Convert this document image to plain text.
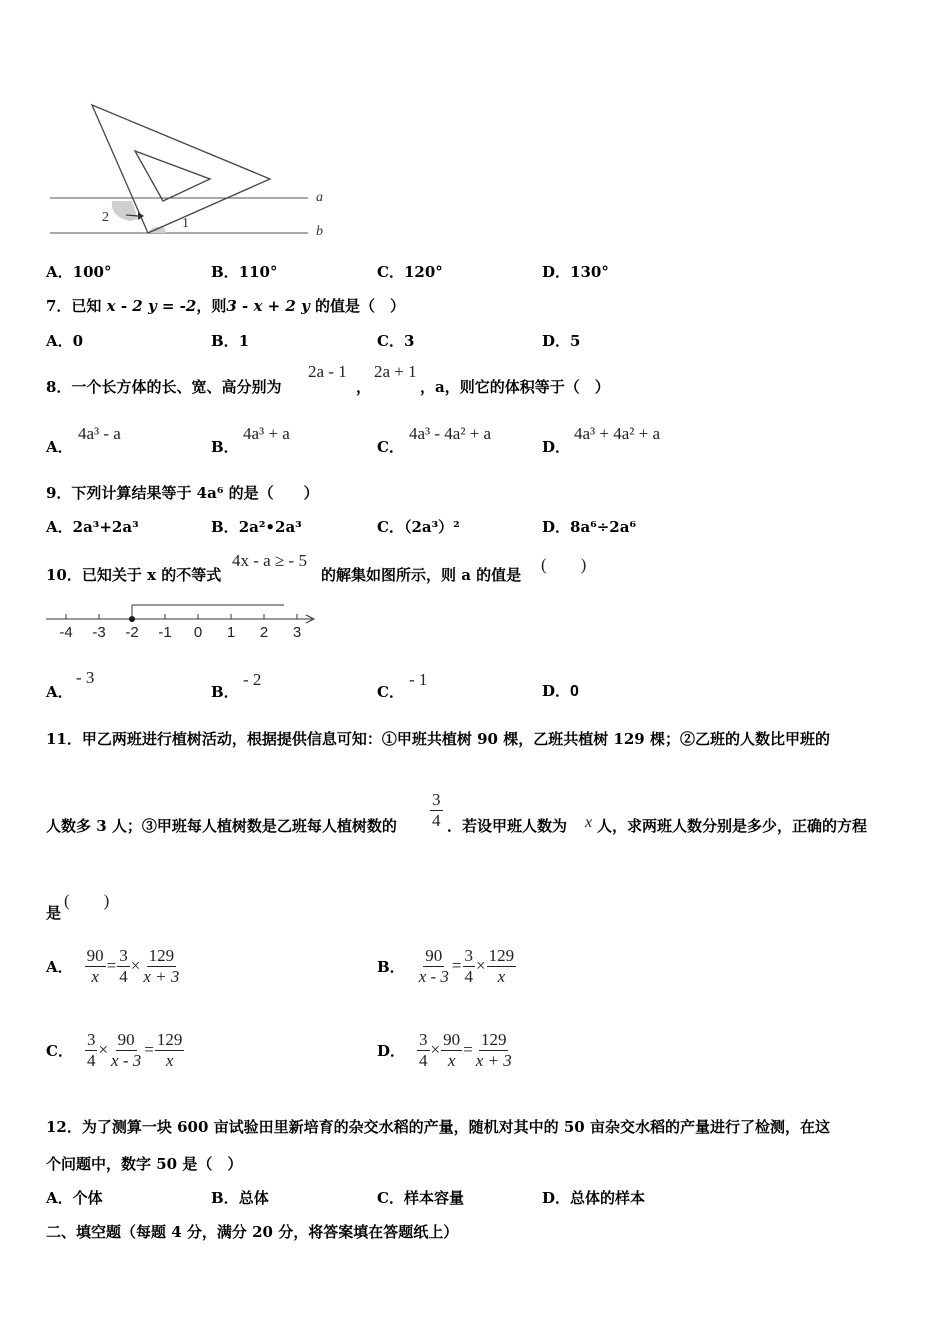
a
b
2	1
A．100°	B．110°	C．120°	D．130°
7．已知 x - 2 y = -2，则3 - x + 2 y 的值是（　）
A．0	B．1	C．3	D．5
8．一个长方体的长、宽、高分别为
2a - 1
，
2a + 1
，a，则它的体积等于（　）
A．
4a³ - a
B．
4a³ + a
C．
4a³ - 4a² + a
D．
4a³ + 4a² + a
9．下列计算结果等于 4a⁶ 的是（　　）
A．2a³+2a³	B．2a²•2a³	C．（2a³）²	D．8a⁶÷2a⁶
10．已知关于 x 的不等式
4x - a ≥ - 5
的解集如图所示，则 a 的值是
(　　)
-4 -3 -2 -1 0 1 2 3
A．
- 3
B．
- 2
C．
- 1
D．0
11．甲乙两班进行植树活动，根据提供信息可知：①甲班共植树 90 棵，乙班共植树 129 棵；②乙班的人数比甲班的
人数多 3 人；③甲班每人植树数是乙班每人植树数的 $\frac{3}{4}$ ．若设甲班人数为 x 人，求两班人数分别是多少，正确的方程
是
(　　)
A． $\frac{90}{x} = \frac{3}{4} \times \frac{129}{x + 3}$	B． $\frac{90}{x - 3} = \frac{3}{4} \times \frac{129}{x}$
C． $\frac{3}{4} \times \frac{90}{x - 3} = \frac{129}{x}$	D． $\frac{3}{4} \times \frac{90}{x} = \frac{129}{x + 3}$
12．为了测算一块 600 亩试验田里新培育的杂交水稻的产量，随机对其中的 50 亩杂交水稻的产量进行了检测，在这
个问题中，数字 50 是（　）
A．个体	B．总体	C．样本容量	D．总体的样本
二、填空题（每题 4 分，满分 20 分，将答案填在答题纸上）
